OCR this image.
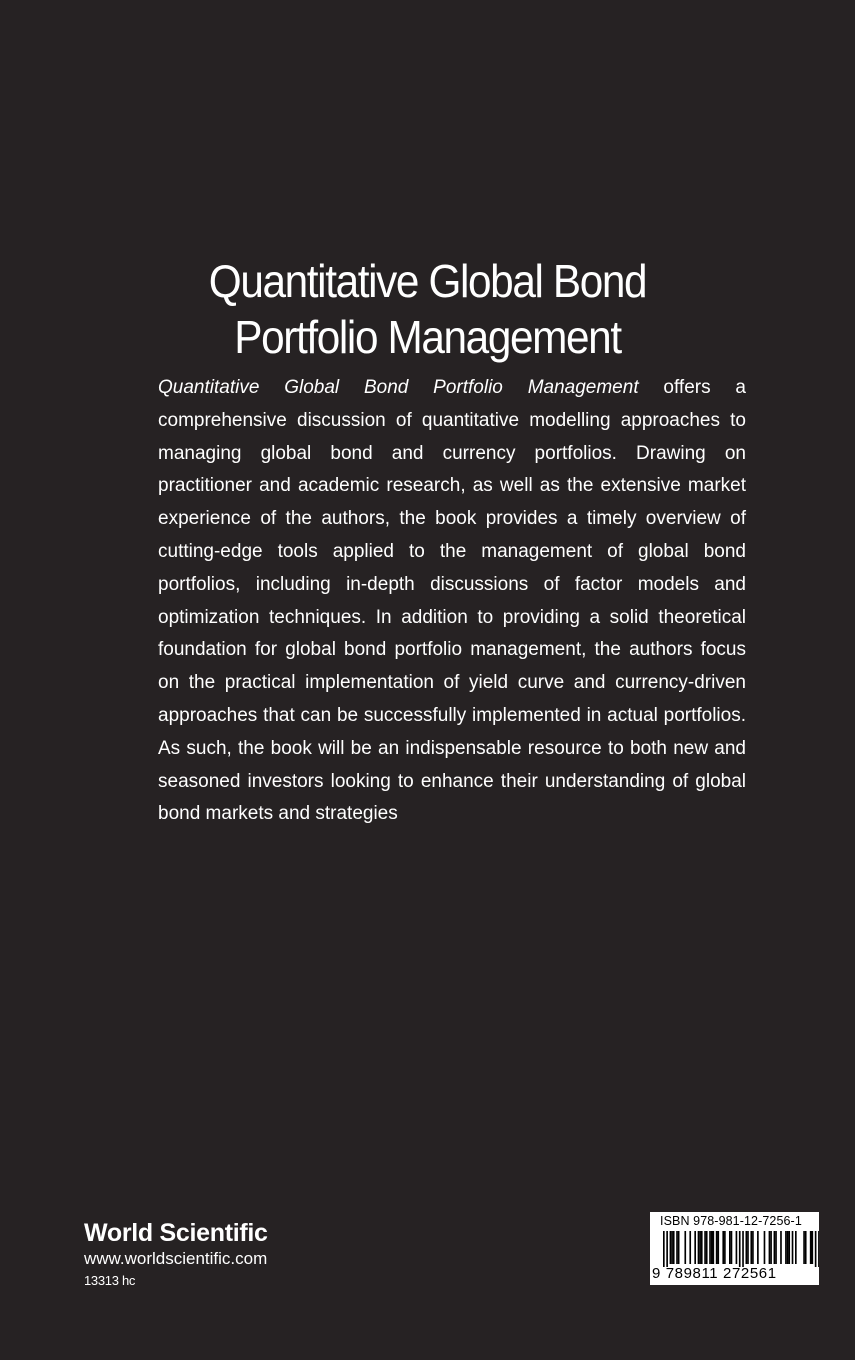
Quantitative Global Bond
Portfolio Management

Quantitative Global Bond Portfolio Management offers a comprehensive discussion of quantitative modelling approaches to managing global bond and currency portfolios. Drawing on practitioner and academic research, as well as the extensive market experience of the authors, the book provides a timely overview of cutting-edge tools applied to the management of global bond portfolios, including in-depth discussions of factor models and optimization techniques. In addition to providing a solid theoretical foundation for global bond portfolio management, the authors focus on the practical implementation of yield curve and currency-driven approaches that can be successfully implemented in actual portfolios. As such, the book will be an indispensable resource to both new and seasoned investors looking to enhance their understanding of global bond markets and strategies

World Scientific
www.worldscientific.com
13313 hc
ISBN 978-981-12-7256-1
9 789811 272561
